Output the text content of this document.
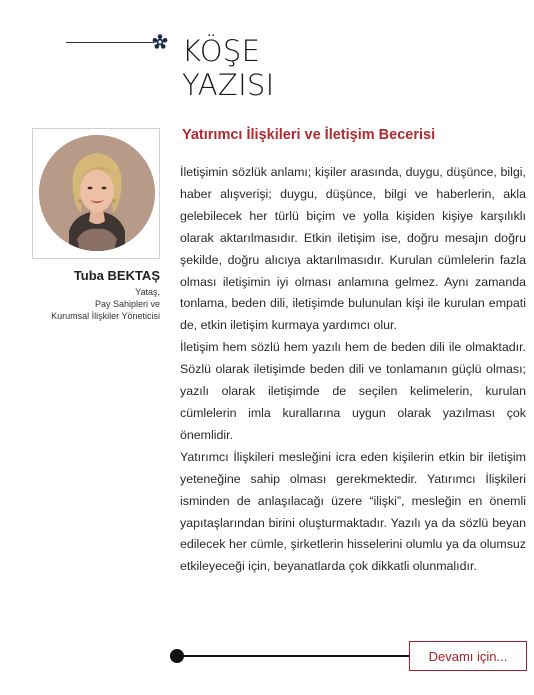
KÖŞE
YAZISI
Tuba BEKTAŞ
Yataş,
Pay Sahipleri ve
Kurumsal İlişkiler Yöneticisi
Yatırımcı İlişkileri ve İletişim Becerisi

İletişimin sözlük anlamı; kişiler arasında, duygu, düşünce, bilgi, haber alışverişi; duygu, düşünce, bilgi ve haberlerin, akla gelebilecek her türlü biçim ve yolla kişiden kişiye karşılıklı olarak aktarılmasıdır. Etkin iletişim ise, doğru mesajın doğru şekilde, doğru alıcıya aktarılmasıdır. Kurulan cümlelerin fazla olması iletişimin iyi olması anlamına gelmez. Aynı zamanda tonlama, beden dili, iletişimde bulunulan kişi ile kurulan empati de, etkin iletişim kurmaya yardımcı olur.

İletişim hem sözlü hem yazılı hem de beden dili ile olmaktadır. Sözlü olarak iletişimde beden dili ve tonlamanın güçlü olması; yazılı olarak iletişimde de seçilen kelimelerin, kurulan cümlelerin imla kurallarına uygun olarak yazılması çok önemlidir.

Yatırımcı İlişkileri mesleğini icra eden kişilerin etkin bir iletişim yeteneğine sahip olması gerekmektedir. Yatırımcı İlişkileri isminden de anlaşılacağı üzere “ilişki”, mesleğin en önemli yapıtaşlarından birini oluşturmaktadır. Yazılı ya da sözlü beyan edilecek her cümle, şirketlerin hisselerini olumlu ya da olumsuz etkileyeceği için, beyanatlarda çok dikkatli olunmalıdır.

Devamı için...
